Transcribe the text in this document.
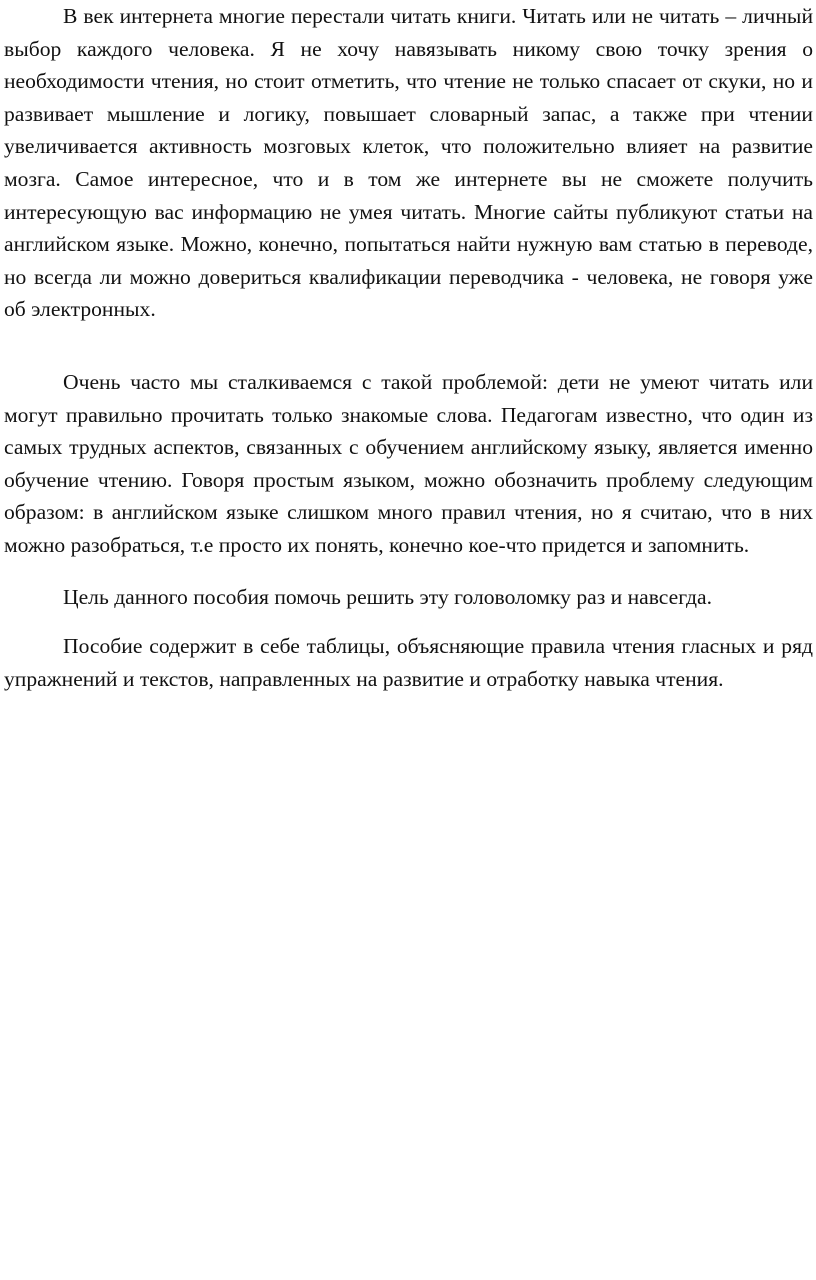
В век интернета многие перестали читать книги. Читать или не читать – личный выбор каждого человека. Я не хочу навязывать никому свою точку зрения о необходимости чтения, но стоит отметить, что чтение не только спасает от скуки, но и развивает мышление и логику, повышает словарный запас, а также при чтении увеличивается активность мозговых клеток, что положительно влияет на развитие мозга. Самое интересное, что и в том же интернете вы не сможете получить интересующую вас информацию не умея читать. Многие сайты публикуют статьи на английском языке. Можно, конечно, попытаться найти нужную вам статью в переводе, но всегда ли можно довериться квалификации переводчика - человека, не говоря уже об электронных.

Очень часто мы сталкиваемся с такой проблемой: дети не умеют читать или могут правильно прочитать только знакомые слова. Педагогам известно, что один из самых трудных аспектов, связанных с обучением английскому языку, является именно обучение чтению. Говоря простым языком, можно обозначить проблему следующим образом: в английском языке слишком много правил чтения, но я считаю, что в них можно разобраться, т.е просто их понять, конечно кое-что придется и запомнить.

Цель данного пособия помочь решить эту головоломку раз и навсегда.

Пособие содержит в себе таблицы, объясняющие правила чтения гласных и ряд упражнений и текстов, направленных на развитие и отработку навыка чтения.
